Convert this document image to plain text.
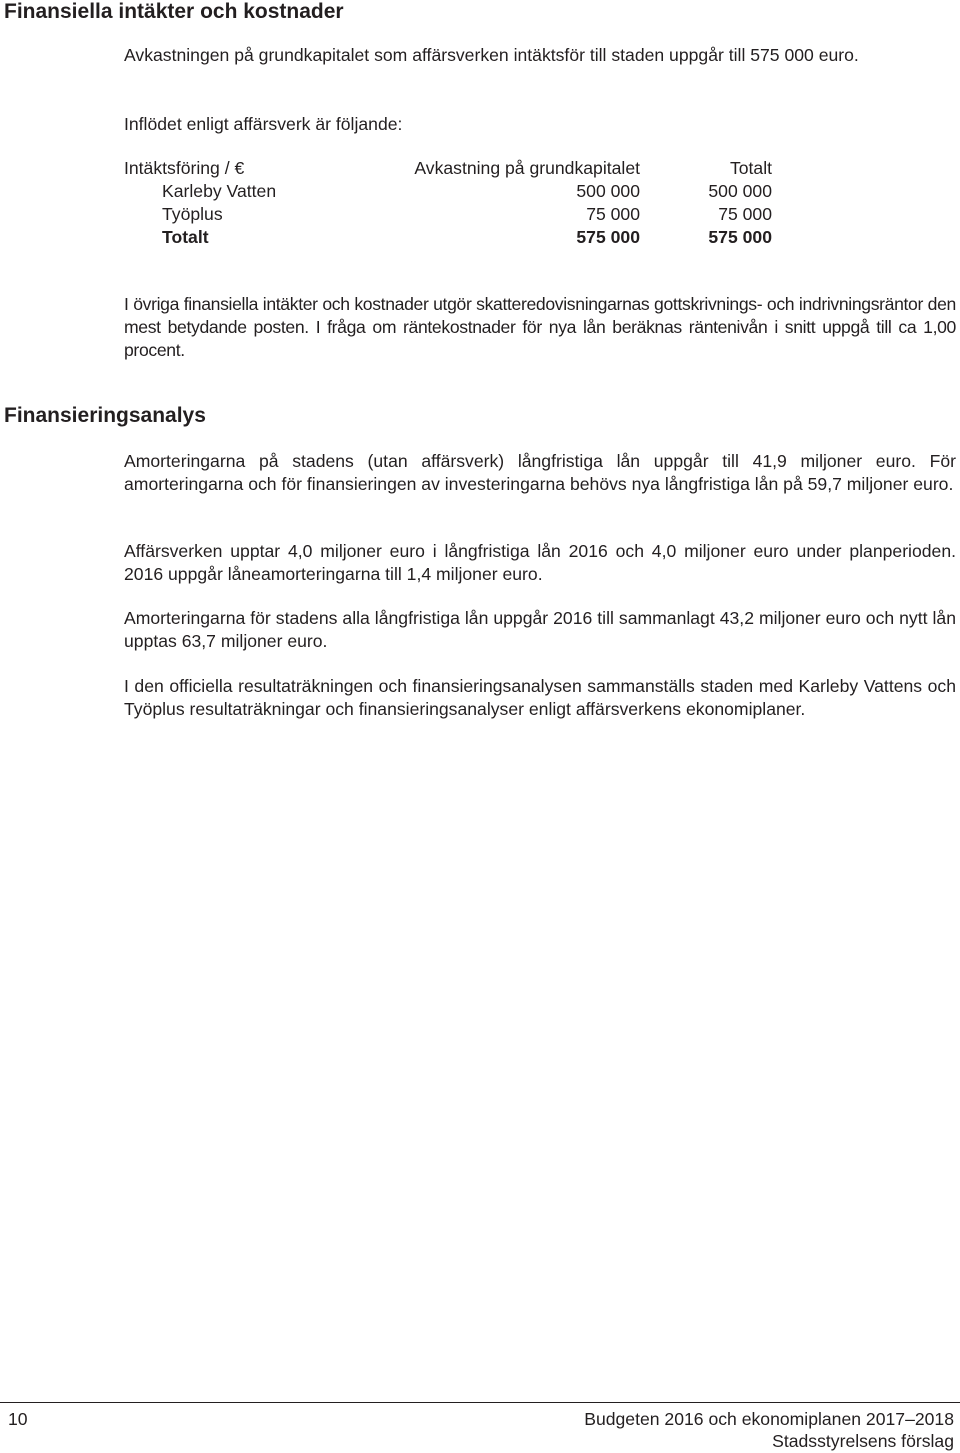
Finansiella intäkter och kostnader

Avkastningen på grundkapitalet som affärsverken intäktsför till staden uppgår till 575 000 euro.

Inflödet enligt affärsverk är följande:

Intäktsföring / €	Avkastning på grundkapitalet	Totalt
Karleby Vatten	500 000	500 000
Työplus	75 000	75 000
Totalt	575 000	575 000

I övriga finansiella intäkter och kostnader utgör skatteredovisningarnas gottskrivnings- och indrivningsräntor den mest betydande posten. I fråga om räntekostnader för nya lån beräknas räntenivån i snitt uppgå till ca 1,00 procent.

Finansieringsanalys

Amorteringarna på stadens (utan affärsverk) långfristiga lån uppgår till 41,9 miljoner euro. För amorteringarna och för finansieringen av investeringarna behövs nya långfristiga lån på 59,7 miljoner euro.

Affärsverken upptar 4,0 miljoner euro i långfristiga lån 2016 och 4,0 miljoner euro under planperioden. 2016 uppgår låneamorteringarna till 1,4 miljoner euro.

Amorteringarna för stadens alla långfristiga lån uppgår 2016 till sammanlagt 43,2 miljoner euro och nytt lån upptas 63,7 miljoner euro.

I den officiella resultaträkningen och finansieringsanalysen sammanställs staden med Karleby Vattens och Työplus resultaträkningar och finansieringsanalyser enligt affärsverkens ekonomiplaner.

10	Budgeten 2016 och ekonomiplanen 2017–2018
Stadsstyrelsens förslag
